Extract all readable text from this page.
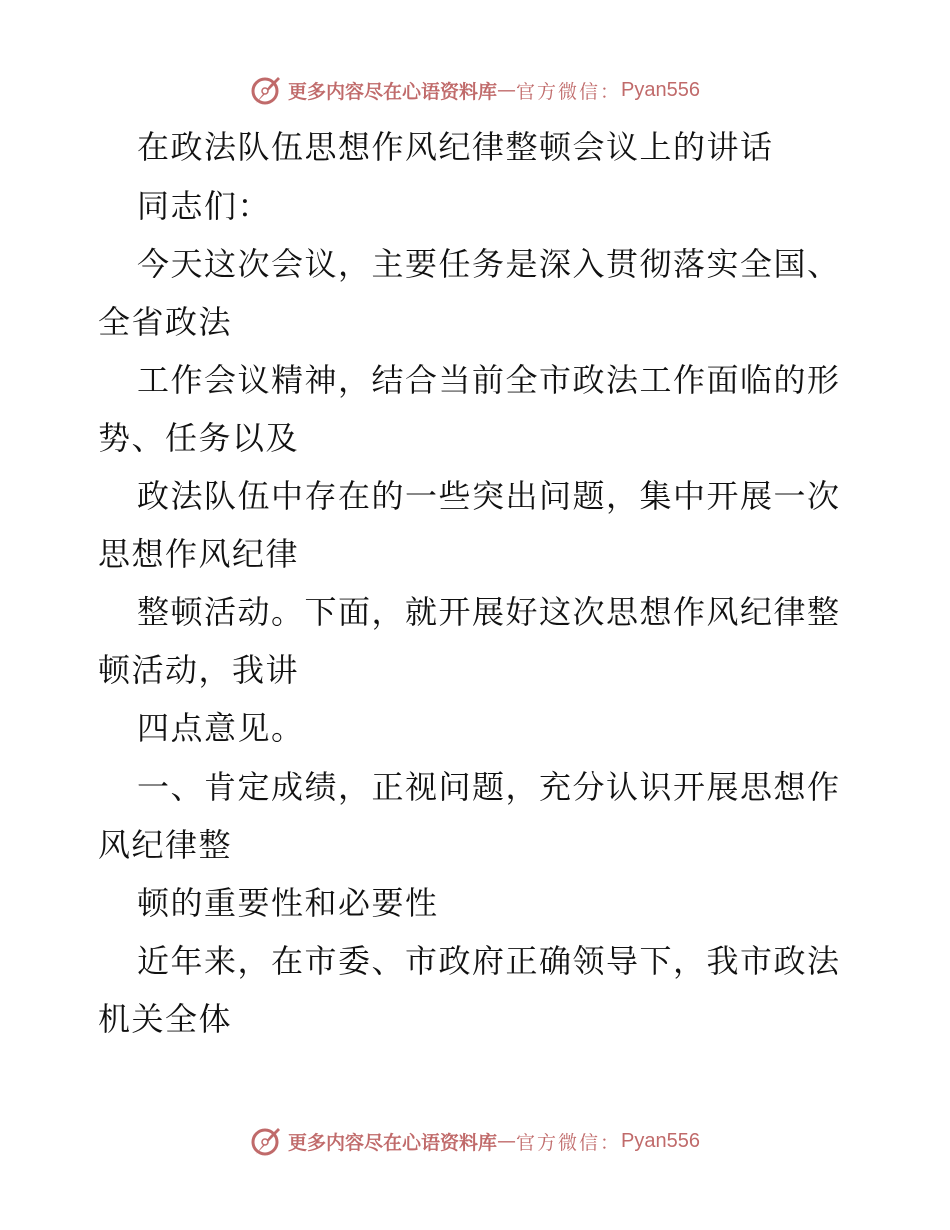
更多内容尽在心语资料库 — 官方微信： Pyan556
在政法队伍思想作风纪律整顿会议上的讲话
同志们：
今天这次会议，主要任务是深入贯彻落实全国、
全省政法
工作会议精神，结合当前全市政法工作面临的形
势、任务以及
政法队伍中存在的一些突出问题，集中开展一次
思想作风纪律
整顿活动。下面，就开展好这次思想作风纪律整
顿活动，我讲
四点意见。
一、肯定成绩，正视问题，充分认识开展思想作
风纪律整
顿的重要性和必要性
近年来，在市委、市政府正确领导下，我市政法
机关全体
更多内容尽在心语资料库 — 官方微信： Pyan556
